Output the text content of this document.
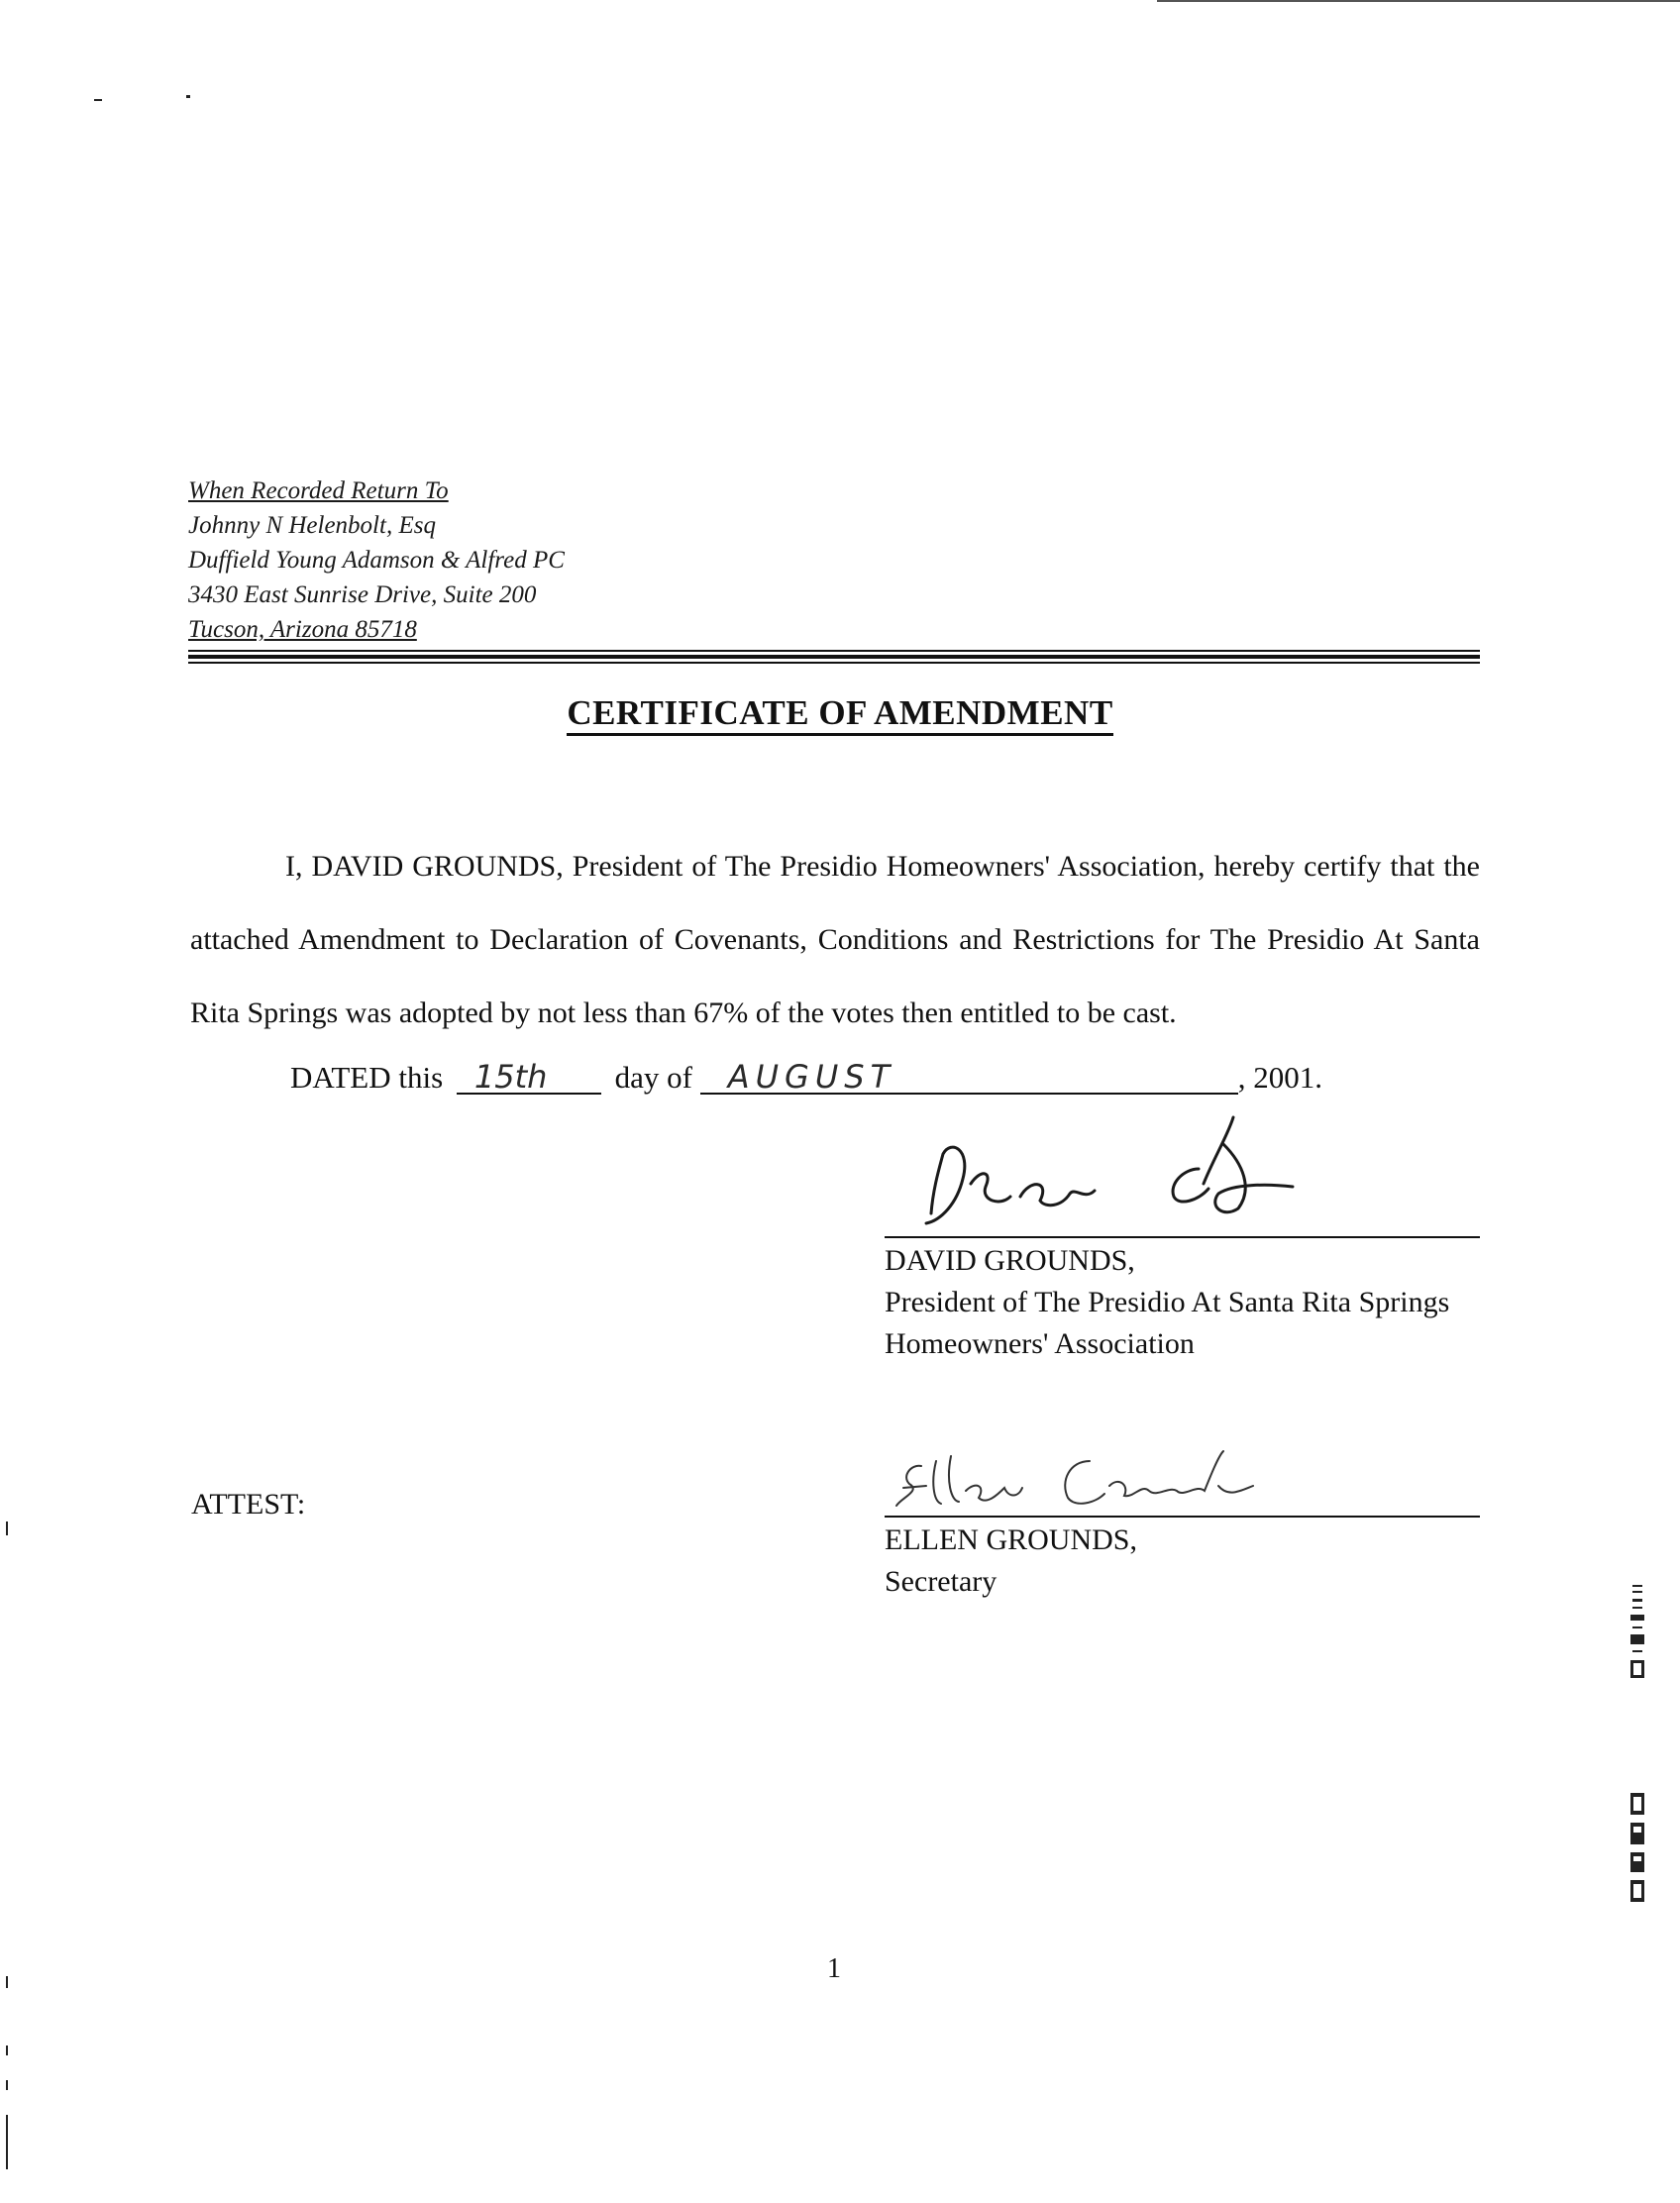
When Recorded Return To
Johnny N Helenbolt, Esq
Duffield Young Adamson & Alfred PC
3430 East Sunrise Drive, Suite 200
Tucson, Arizona 85718
CERTIFICATE OF AMENDMENT
I, DAVID GROUNDS, President of The Presidio Homeowners' Association, hereby certify that the attached Amendment to Declaration of Covenants, Conditions and Restrictions for The Presidio At Santa Rita Springs was adopted by not less than 67% of the votes then entitled to be cast.
DATED this 15th day of AUGUST	, 2001.
DAVID GROUNDS,
President of The Presidio At Santa Rita Springs
Homeowners' Association
ATTEST:
ELLEN GROUNDS,
Secretary
1
